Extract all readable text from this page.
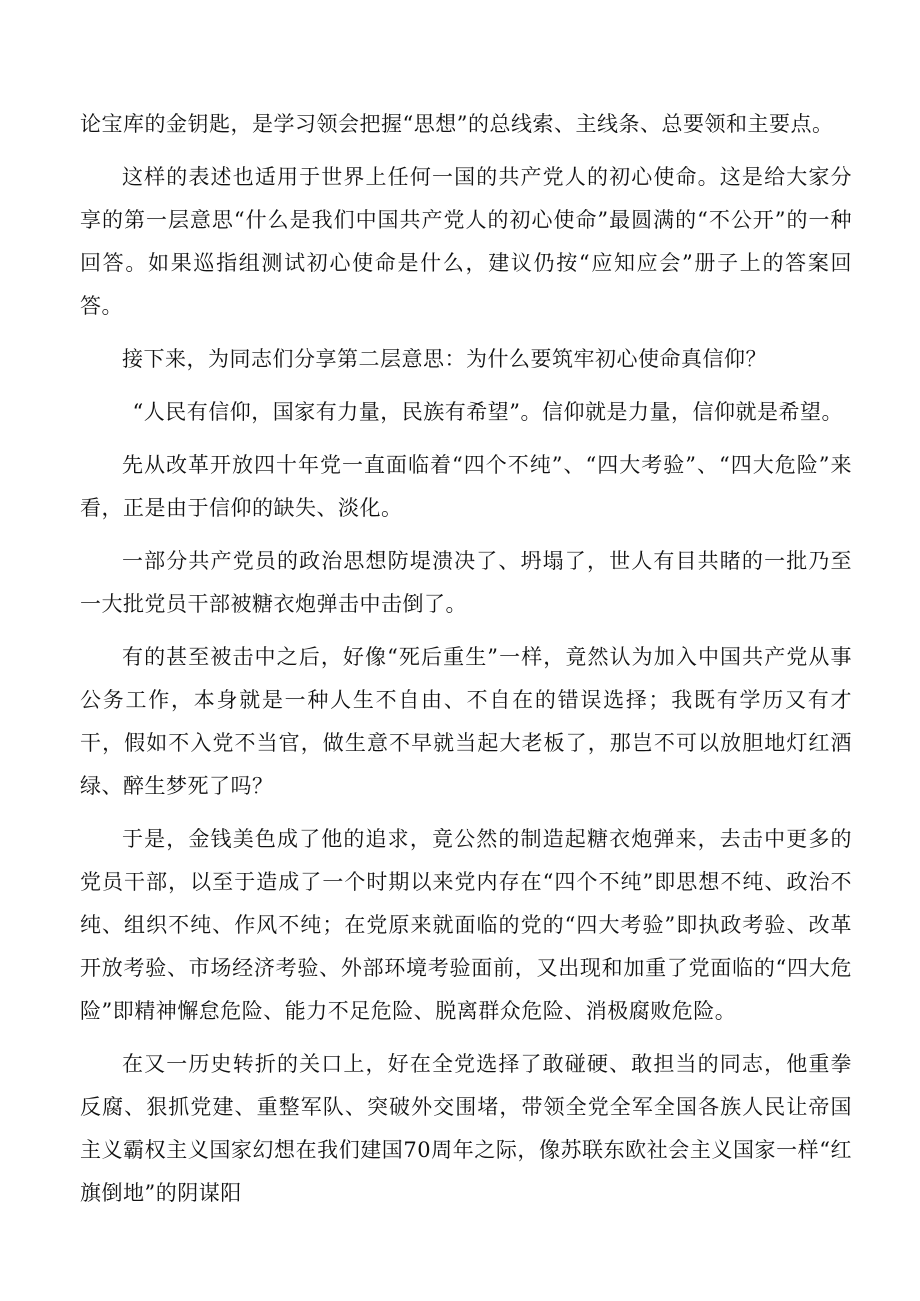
论宝库的金钥匙，是学习领会把握“思想”的总线索、主线条、总要领和主要点。

这样的表述也适用于世界上任何一国的共产党人的初心使命。这是给大家分享的第一层意思“什么是我们中国共产党人的初心使命”最圆满的“不公开”的一种回答。如果巡指组测试初心使命是什么，建议仍按“应知应会”册子上的答案回答。

接下来，为同志们分享第二层意思：为什么要筑牢初心使命真信仰？

“人民有信仰，国家有力量，民族有希望”。信仰就是力量，信仰就是希望。

先从改革开放四十年党一直面临着“四个不纯”、“四大考验”、“四大危险”来看，正是由于信仰的缺失、淡化。

一部分共产党员的政治思想防堤溃决了、坍塌了，世人有目共睹的一批乃至一大批党员干部被糖衣炮弹击中击倒了。

有的甚至被击中之后，好像“死后重生”一样，竟然认为加入中国共产党从事公务工作，本身就是一种人生不自由、不自在的错误选择；我既有学历又有才干，假如不入党不当官，做生意不早就当起大老板了，那岂不可以放胆地灯红酒绿、醉生梦死了吗？

于是，金钱美色成了他的追求，竟公然的制造起糖衣炮弹来，去击中更多的党员干部，以至于造成了一个时期以来党内存在“四个不纯”即思想不纯、政治不纯、组织不纯、作风不纯；在党原来就面临的党的“四大考验”即执政考验、改革开放考验、市场经济考验、外部环境考验面前，又出现和加重了党面临的“四大危险”即精神懈怠危险、能力不足危险、脱离群众危险、消极腐败危险。

在又一历史转折的关口上，好在全党选择了敢碰硬、敢担当的同志，他重拳反腐、狠抓党建、重整军队、突破外交围堵，带领全党全军全国各族人民让帝国主义霸权主义国家幻想在我们建国70周年之际，像苏联东欧社会主义国家一样“红旗倒地”的阴谋阳
